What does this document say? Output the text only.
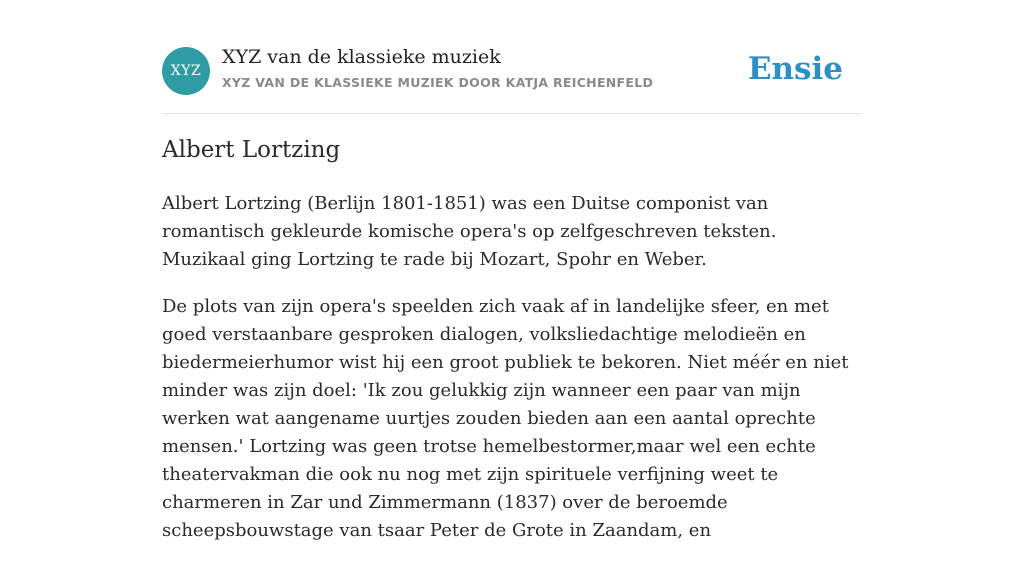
XYZ
XYZ van de klassieke muziek
XYZ VAN DE KLASSIEKE MUZIEK DOOR KATJA REICHENFELD	Ensie
Albert Lortzing

Albert Lortzing (Berlijn 1801-1851) was een Duitse componist van romantisch gekleurde komische opera's op zelfgeschreven teksten. Muzikaal ging Lortzing te rade bij Mozart, Spohr en Weber.

De plots van zijn opera's speelden zich vaak af in landelijke sfeer, en met goed verstaanbare gesproken dialogen, volksliedachtige melodieën en biedermeierhumor wist hij een groot publiek te bekoren. Niet méér en niet minder was zijn doel: 'Ik zou gelukkig zijn wanneer een paar van mijn werken wat aangename uurtjes zouden bieden aan een aantal oprechte mensen.' Lortzing was geen trotse hemelbestormer,maar wel een echte theatervakman die ook nu nog met zijn spirituele verfijning weet te charmeren in Zar und Zimmermann (1837) over de beroemde scheepsbouwstage van tsaar Peter de Grote in Zaandam, en
